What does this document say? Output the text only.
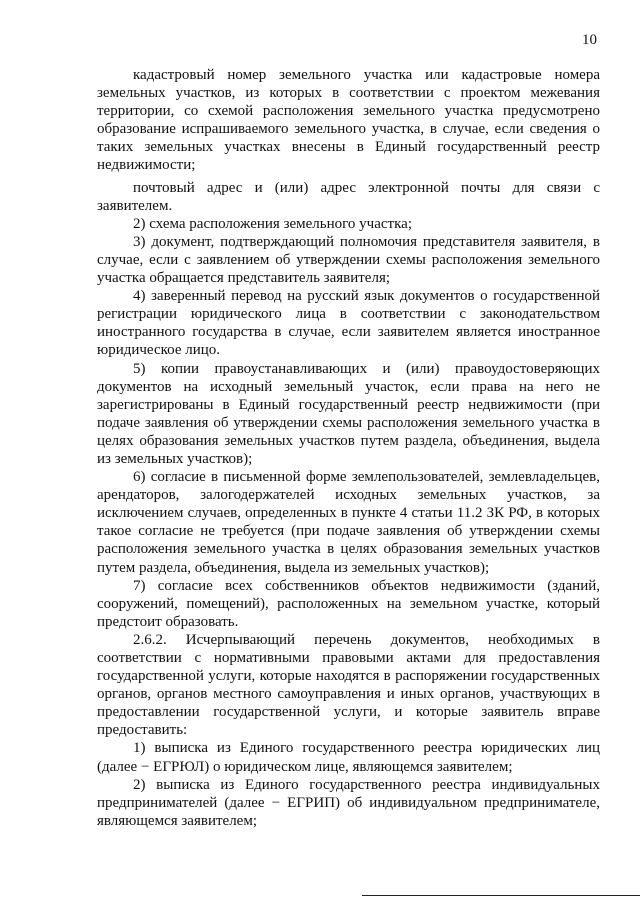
10

кадастровый номер земельного участка или кадастровые номера земельных участков, из которых в соответствии с проектом межевания территории, со схемой расположения земельного участка предусмотрено образование испрашиваемого земельного участка, в случае, если сведения о таких земельных участках внесены в Единый государственный реестр недвижимости;

почтовый адрес и (или) адрес электронной почты для связи с заявителем.

2) схема расположения земельного участка;

3) документ, подтверждающий полномочия представителя заявителя, в случае, если с заявлением об утверждении схемы расположения земельного участка обращается представитель заявителя;

4) заверенный перевод на русский язык документов о государственной регистрации юридического лица в соответствии с законодательством иностранного государства в случае, если заявителем является иностранное юридическое лицо.

5) копии правоустанавливающих и (или) правоудостоверяющих документов на исходный земельный участок, если права на него не зарегистрированы в Единый государственный реестр недвижимости (при подаче заявления об утверждении схемы расположения земельного участка в целях образования земельных участков путем раздела, объединения, выдела из земельных участков);

6) согласие в письменной форме землепользователей, землевладельцев, арендаторов, залогодержателей исходных земельных участков, за исключением случаев, определенных в пункте 4 статьи 11.2 ЗК РФ, в которых такое согласие не требуется (при подаче заявления об утверждении схемы расположения земельного участка в целях образования земельных участков путем раздела, объединения, выдела из земельных участков);

7) согласие всех собственников объектов недвижимости (зданий, сооружений, помещений), расположенных на земельном участке, который предстоит образовать.

2.6.2. Исчерпывающий перечень документов, необходимых в соответствии с нормативными правовыми актами для предоставления государственной услуги, которые находятся в распоряжении государственных органов, органов местного самоуправления и иных органов, участвующих в предоставлении государственной услуги, и которые заявитель вправе предоставить:

1) выписка из Единого государственного реестра юридических лиц (далее − ЕГРЮЛ) о юридическом лице, являющемся заявителем;

2) выписка из Единого государственного реестра индивидуальных предпринимателей (далее − ЕГРИП) об индивидуальном предпринимателе, являющемся заявителем;
